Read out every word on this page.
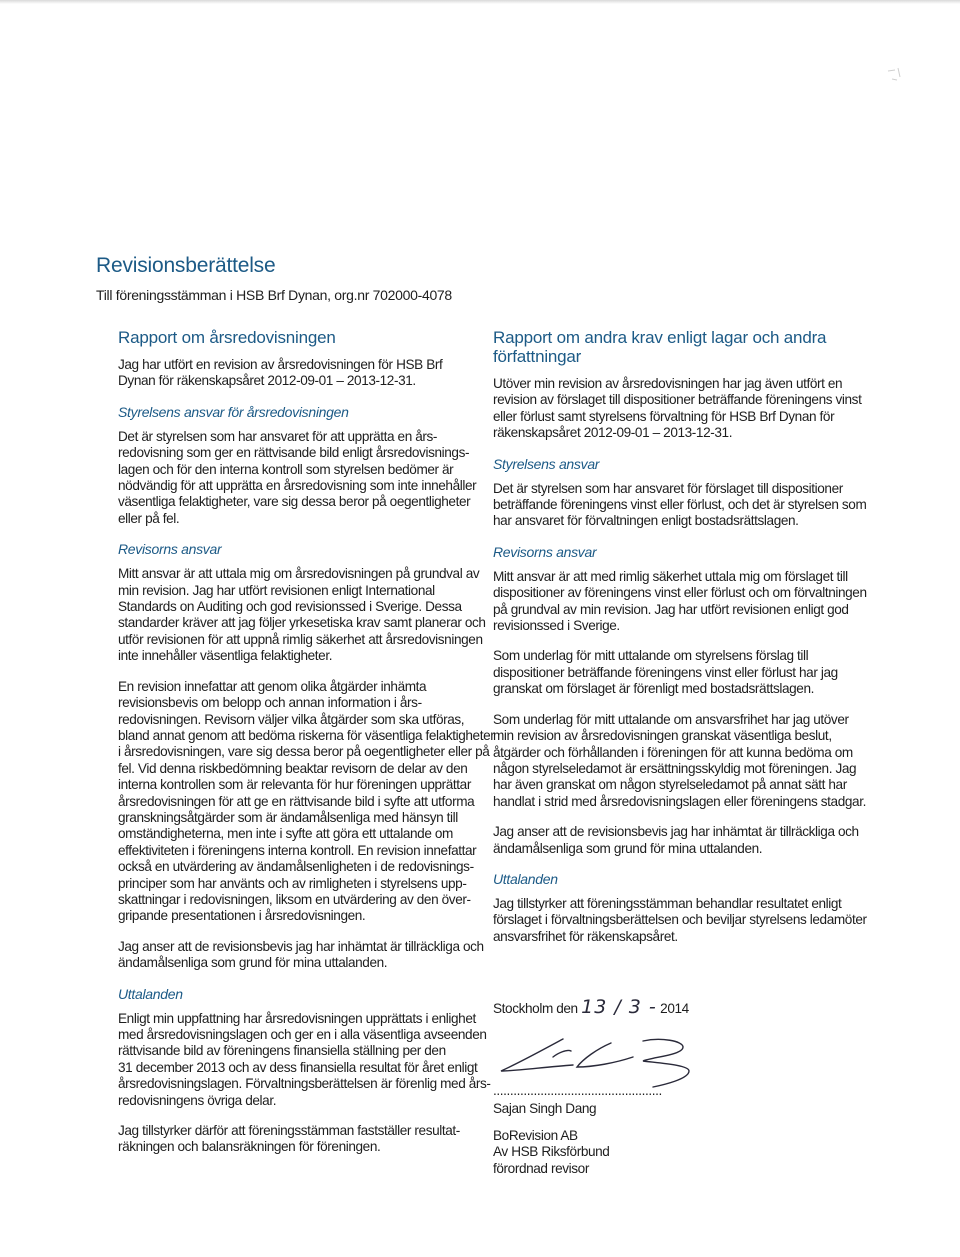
Revisionsberättelse
Till föreningsstämman i HSB Brf Dynan, org.nr 702000-4078
Rapport om årsredovisningen

Jag har utfört en revision av årsredovisningen för HSB Brf Dynan för räkenskapsåret 2012-09-01 – 2013-12-31.

Styrelsens ansvar för årsredovisningen

Det är styrelsen som har ansvaret för att upprätta en års-
redovisning som ger en rättvisande bild enligt årsredovisnings-
lagen och för den interna kontroll som styrelsen bedömer är
nödvändig för att upprätta en årsredovisning som inte innehåller
väsentliga felaktigheter, vare sig dessa beror på oegentligheter
eller på fel.

Revisorns ansvar

Mitt ansvar är att uttala mig om årsredovisningen på grundval av
min revision. Jag har utfört revisionen enligt International
Standards on Auditing och god revisionssed i Sverige. Dessa
standarder kräver att jag följer yrkesetiska krav samt planerar och
utför revisionen för att uppnå rimlig säkerhet att årsredovisningen
inte innehåller väsentliga felaktigheter.

En revision innefattar att genom olika åtgärder inhämta
revisionsbevis om belopp och annan information i års-
redovisningen. Revisorn väljer vilka åtgärder som ska utföras,
bland annat genom att bedöma riskerna för väsentliga felaktigheter
i årsredovisningen, vare sig dessa beror på oegentligheter eller på
fel. Vid denna riskbedömning beaktar revisorn de delar av den
interna kontrollen som är relevanta för hur föreningen upprättar
årsredovisningen för att ge en rättvisande bild i syfte att utforma
granskningsåtgärder som är ändamålsenliga med hänsyn till
omständigheterna, men inte i syfte att göra ett uttalande om
effektiviteten i föreningens interna kontroll. En revision innefattar
också en utvärdering av ändamålsenligheten i de redovisnings-
principer som har använts och av rimligheten i styrelsens upp-
skattningar i redovisningen, liksom en utvärdering av den över-
gripande presentationen i årsredovisningen.

Jag anser att de revisionsbevis jag har inhämtat är tillräckliga och
ändamålsenliga som grund för mina uttalanden.

Uttalanden

Enligt min uppfattning har årsredovisningen upprättats i enlighet
med årsredovisningslagen och ger en i alla väsentliga avseenden
rättvisande bild av föreningens finansiella ställning per den
31 december 2013 och av dess finansiella resultat för året enligt
årsredovisningslagen. Förvaltningsberättelsen är förenlig med års-
redovisningens övriga delar.

Jag tillstyrker därför att föreningsstämman fastställer resultat-
räkningen och balansräkningen för föreningen.

Rapport om andra krav enligt lagar och andra författningar

Utöver min revision av årsredovisningen har jag även utfört en
revision av förslaget till dispositioner beträffande föreningens vinst
eller förlust samt styrelsens förvaltning för HSB Brf Dynan för
räkenskapsåret 2012-09-01 – 2013-12-31.

Styrelsens ansvar

Det är styrelsen som har ansvaret för förslaget till dispositioner
beträffande föreningens vinst eller förlust, och det är styrelsen som
har ansvaret för förvaltningen enligt bostadsrättslagen.

Revisorns ansvar

Mitt ansvar är att med rimlig säkerhet uttala mig om förslaget till
dispositioner av föreningens vinst eller förlust och om förvaltningen
på grundval av min revision. Jag har utfört revisionen enligt god
revisionssed i Sverige.

Som underlag för mitt uttalande om styrelsens förslag till
dispositioner beträffande föreningens vinst eller förlust har jag
granskat om förslaget är förenligt med bostadsrättslagen.

Som underlag för mitt uttalande om ansvarsfrihet har jag utöver
min revision av årsredovisningen granskat väsentliga beslut,
åtgärder och förhållanden i föreningen för att kunna bedöma om
någon styrelseledamot är ersättningsskyldig mot föreningen. Jag
har även granskat om någon styrelseledamot på annat sätt har
handlat i strid med årsredovisningslagen eller föreningens stadgar.

Jag anser att de revisionsbevis jag har inhämtat är tillräckliga och
ändamålsenliga som grund för mina uttalanden.

Uttalanden

Jag tillstyrker att föreningsstämman behandlar resultatet enligt
förslaget i förvaltningsberättelsen och beviljar styrelsens ledamöter
ansvarsfrihet för räkenskapsåret.

Stockholm den 13 / 3 - 2014
..................................................
Sajan Singh Dang
BoRevision AB
Av HSB Riksförbund
förordnad revisor
